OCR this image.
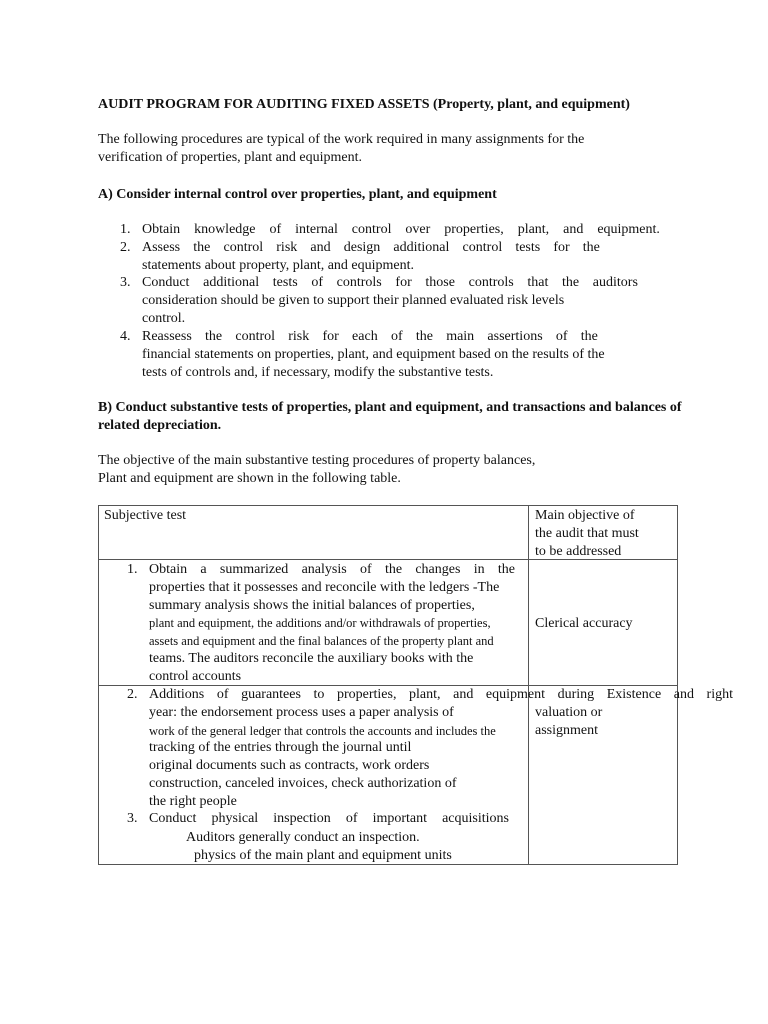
AUDIT PROGRAM FOR AUDITING FIXED ASSETS (Property, plant, and equipment)
The following procedures are typical of the work required in many assignments for the
verification of properties, plant and equipment.
A) Consider internal control over properties, plant, and equipment
1. Obtain knowledge of internal control over properties, plant, and equipment.
2. Assess the control risk and design additional control tests for the
statements about property, plant, and equipment.
3. Conduct additional tests of controls for those controls that the auditors
consideration should be given to support their planned evaluated risk levels
control.
4. Reassess the control risk for each of the main assertions of the
financial statements on properties, plant, and equipment based on the results of the
tests of controls and, if necessary, modify the substantive tests.
B) Conduct substantive tests of properties, plant and equipment, and transactions and balances of
related depreciation.
The objective of the main substantive testing procedures of property balances,
Plant and equipment are shown in the following table.
Subjective test	Main objective of
the audit that must
to be addressed
1. Obtain a summarized analysis of the changes in the
properties that it possesses and reconcile with the ledgers -The
summary analysis shows the initial balances of properties,
plant and equipment, the additions and/or withdrawals of properties,
assets and equipment and the final balances of the property plant and
teams. The auditors reconcile the auxiliary books with the
control accounts
Clerical accuracy
2. Additions of guarantees to properties, plant, and equipment during Existence and right
year: the endorsement process uses a paper analysis of
work of the general ledger that controls the accounts and includes the
tracking of the entries through the journal until
original documents such as contracts, work orders
construction, canceled invoices, check authorization of
the right people
valuation or
assignment
3. Conduct physical inspection of important acquisitions
Auditors generally conduct an inspection.
physics of the main plant and equipment units
